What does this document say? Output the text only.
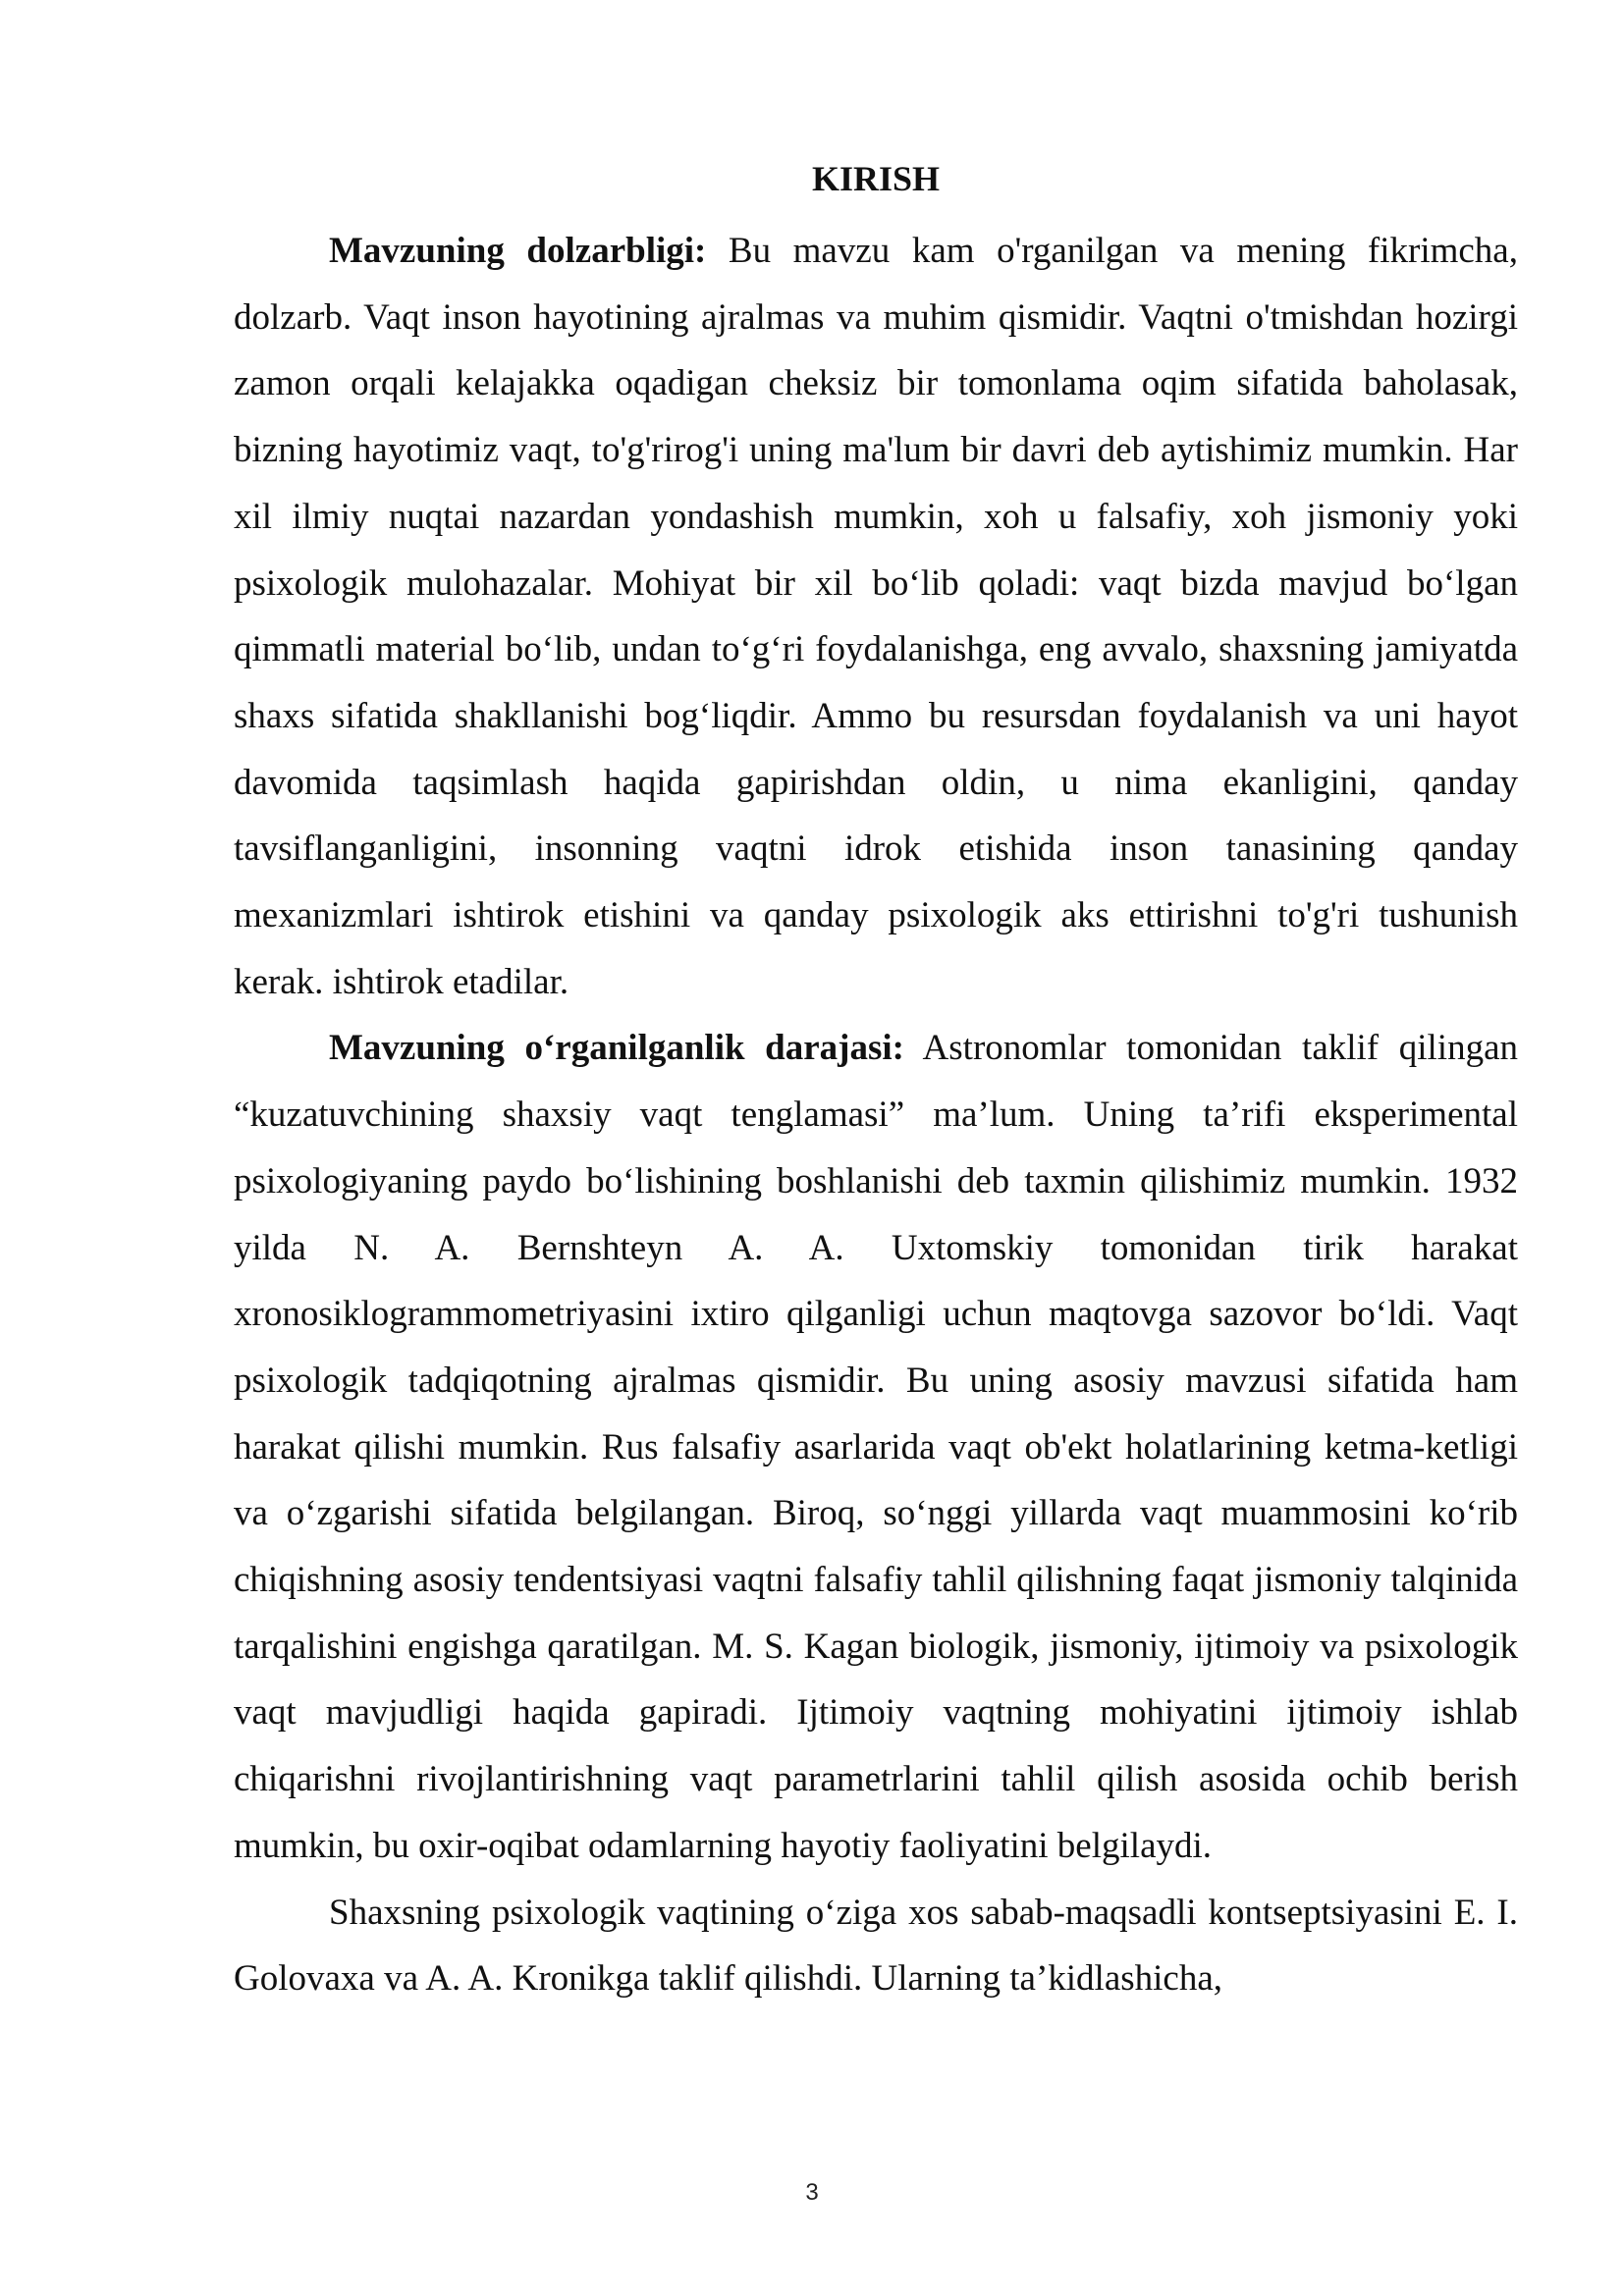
KIRISH

Mavzuning dolzarbligi: Bu mavzu kam o'rganilgan va mening fikrimcha, dolzarb. Vaqt inson hayotining ajralmas va muhim qismidir. Vaqtni o'tmishdan hozirgi zamon orqali kelajakka oqadigan cheksiz bir tomonlama oqim sifatida baholasak, bizning hayotimiz vaqt, to'g'rirog'i uning ma'lum bir davri deb aytishimiz mumkin. Har xil ilmiy nuqtai nazardan yondashish mumkin, xoh u falsafiy, xoh jismoniy yoki psixologik mulohazalar. Mohiyat bir xil boʻlib qoladi: vaqt bizda mavjud boʻlgan qimmatli material boʻlib, undan toʻgʻri foydalanishga, eng avvalo, shaxsning jamiyatda shaxs sifatida shakllanishi bogʻliqdir. Ammo bu resursdan foydalanish va uni hayot davomida taqsimlash haqida gapirishdan oldin, u nima ekanligini, qanday tavsiflanganligini, insonning vaqtni idrok etishida inson tanasining qanday mexanizmlari ishtirok etishini va qanday psixologik aks ettirishni to'g'ri tushunish kerak. ishtirok etadilar.

Mavzuning oʻrganilganlik darajasi: Astronomlar tomonidan taklif qilingan “kuzatuvchining shaxsiy vaqt tenglamasi” maʼlum. Uning taʼrifi eksperimental psixologiyaning paydo boʻlishining boshlanishi deb taxmin qilishimiz mumkin. 1932 yilda N. A. Bernshteyn A. A. Uxtomskiy tomonidan tirik harakat xronosiklogrammometriyasini ixtiro qilganligi uchun maqtovga sazovor boʻldi. Vaqt psixologik tadqiqotning ajralmas qismidir. Bu uning asosiy mavzusi sifatida ham harakat qilishi mumkin. Rus falsafiy asarlarida vaqt ob'ekt holatlarining ketma-ketligi va oʻzgarishi sifatida belgilangan. Biroq, soʻnggi yillarda vaqt muammosini koʻrib chiqishning asosiy tendentsiyasi vaqtni falsafiy tahlil qilishning faqat jismoniy talqinida tarqalishini engishga qaratilgan. M. S. Kagan biologik, jismoniy, ijtimoiy va psixologik vaqt mavjudligi haqida gapiradi. Ijtimoiy vaqtning mohiyatini ijtimoiy ishlab chiqarishni rivojlantirishning vaqt parametrlarini tahlil qilish asosida ochib berish mumkin, bu oxir-oqibat odamlarning hayotiy faoliyatini belgilaydi.

Shaxsning psixologik vaqtining oʻziga xos sabab-maqsadli kontseptsiyasini E. I. Golovaxa va A. A. Kronikga taklif qilishdi. Ularning taʼkidlashicha,

3
